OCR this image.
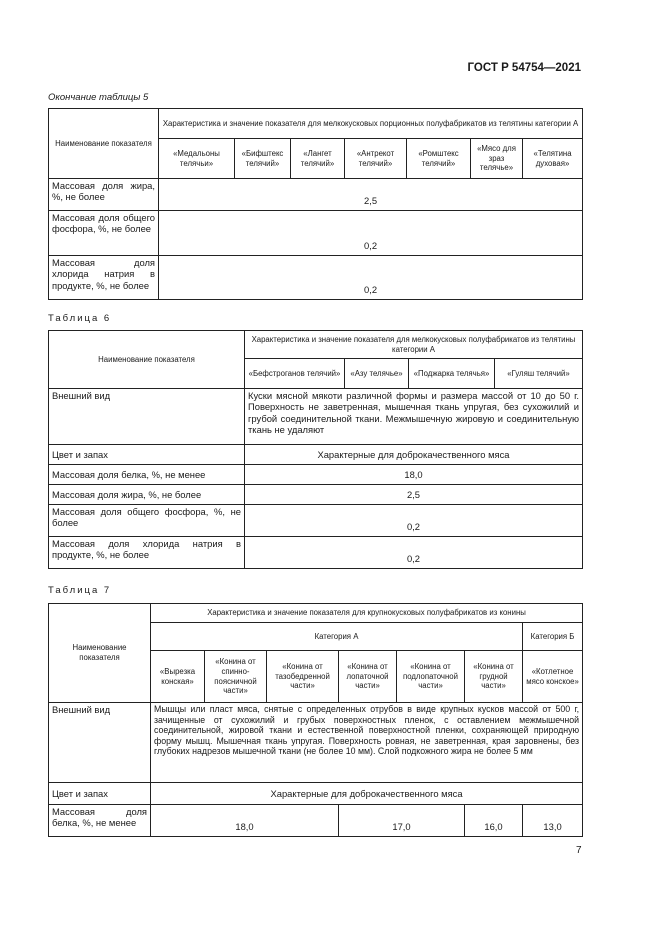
ГОСТ Р 54754—2021
Окончание таблицы 5
Наименование показателя	Характеристика и значение показателя для мелкокусковых порционных полуфабрикатов из телятины категории А						
	«Медальоны телячьи»	«Бифштекс телячий»	«Лангет телячий»	«Антрекот телячий»	«Ромштекс телячий»	«Мясо для зраз телячье»	«Телятина духовая»
Массовая доля жира, %, не более	2,5						
Массовая доля общего фосфора, %, не более	0,2						
Массовая доля хлорида натрия в продукте, %, не более	0,2						
Таблица 6
Наименование показателя	Характеристика и значение показателя для мелкокусковых полуфабрикатов из телятины категории А			
	«Бефстроганов телячий»	«Азу телячье»	«Поджарка телячья»	«Гуляш телячий»
Внешний вид	Куски мясной мякоти различной формы и размера массой от 10 до 50 г. Поверхность не заветренная, мышечная ткань упругая, без сухожилий и грубой соединительной ткани. Межмышечную жировую и соединительную ткань не удаляют			
Цвет и запах	Характерные для доброкачественного мяса			
Массовая доля белка, %, не менее	18,0			
Массовая доля жира, %, не более	2,5			
Массовая доля общего фосфора, %, не более	0,2			
Массовая доля хлорида натрия в продукте, %, не более	0,2			
Таблица 7
Наименование показателя	Характеристика и значение показателя для крупнокусковых полуфабрикатов из конины						
	Категория А						Категория Б
	«Вырезка конская»	«Конина от спинно-поясничной части»	«Конина от тазобедренной части»	«Конина от лопаточной части»	«Конина от подлопаточной части»	«Конина от грудной части»	«Котлетное мясо конское»
Внешний вид	Мышцы или пласт мяса, снятые с определенных отрубов в виде крупных кусков массой от 500 г, зачищенные от сухожилий и грубых поверхностных пленок, с оставлением межмышечной соединительной, жировой ткани и естественной поверхностной пленки, сохраняющей природную форму мышц. Мышечная ткань упругая. Поверхность ровная, не заветренная, края заровнены, без глубоких надрезов мышечной ткани (не более 10 мм). Слой подкожного жира не более 5 мм						
Цвет и запах	Характерные для доброкачественного мяса						
Массовая доля белка, %, не менее	18,0			17,0		16,0	13,0
7
